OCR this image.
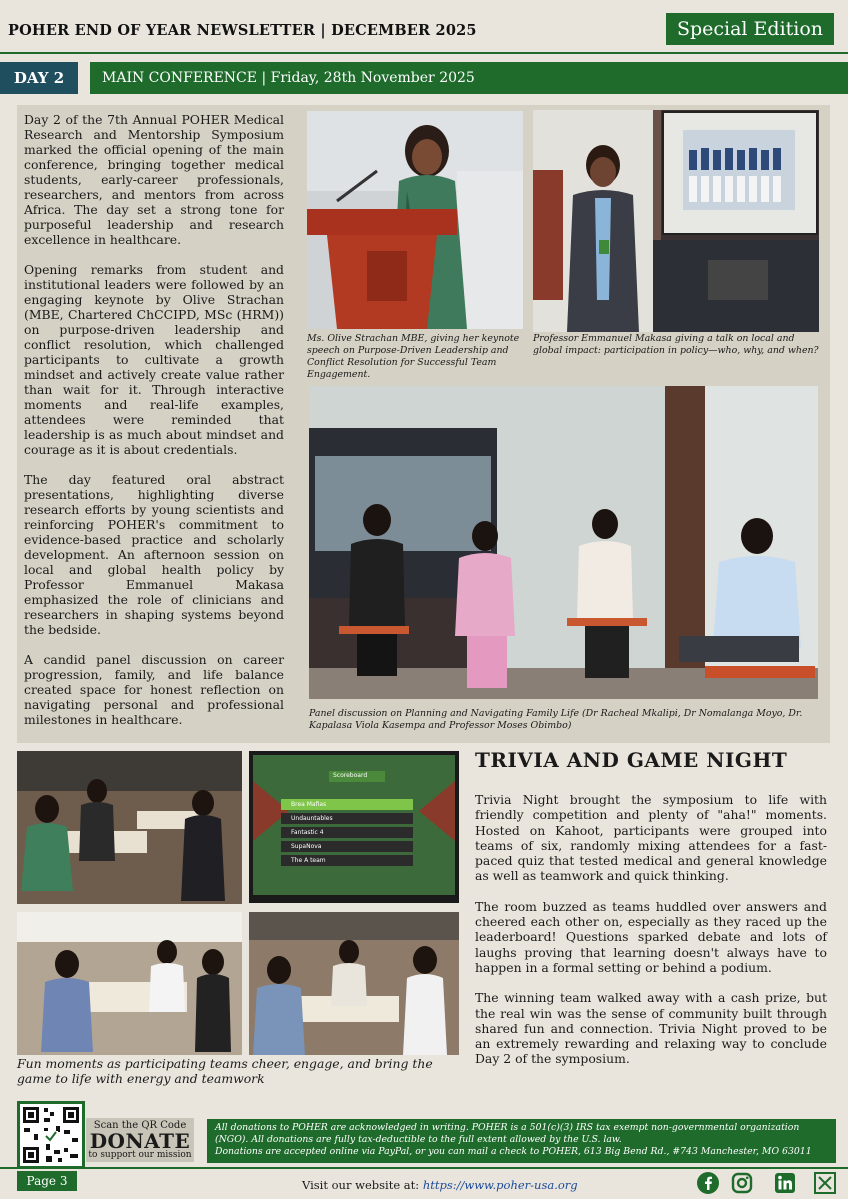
POHER END OF YEAR NEWSLETTER | DECEMBER 2025	Special Edition
DAY 2	MAIN CONFERENCE | Friday, 28th November 2025

Day 2 of the 7th Annual POHER Medical Research and Mentorship Symposium marked the official opening of the main conference, bringing together medical students, early-career professionals, researchers, and mentors from across Africa. The day set a strong tone for purposeful leadership and research excellence in healthcare.

Opening remarks from student and institutional leaders were followed by an engaging keynote by Olive Strachan (MBE, Chartered ChCCIPD, MSc (HRM)) on purpose-driven leadership and conflict resolution, which challenged participants to cultivate a growth mindset and actively create value rather than wait for it. Through interactive moments and real-life examples, attendees were reminded that leadership is as much about mindset and courage as it is about credentials.

The day featured oral abstract presentations, highlighting diverse research efforts by young scientists and reinforcing POHER's commitment to evidence-based practice and scholarly development. An afternoon session on local and global health policy by Professor Emmanuel Makasa emphasized the role of clinicians and researchers in shaping systems beyond the bedside.

A candid panel discussion on career progression, family, and life balance created space for honest reflection on navigating personal and professional milestones in healthcare.

Ms. Olive Strachan MBE, giving her keynote speech on Purpose-Driven Leadership and Conflict Resolution for Successful Team Engagement.
Professor Emmanuel Makasa giving a talk on local and global impact: participation in policy—who, why, and when?
Panel discussion on Planning and Navigating Family Life (Dr Racheal Mkalipi, Dr Nomalanga Moyo, Dr. Kapalasa Viola Kasempa and Professor Moses Obimbo)
Scoreboard
Brea Mafias
Undauntables
Fantastic 4
SupaNova
The A team
Fun moments as participating teams cheer, engage, and bring the game to life with energy and teamwork
TRIVIA AND GAME NIGHT

Trivia Night brought the symposium to life with friendly competition and plenty of "aha!" moments. Hosted on Kahoot, participants were grouped into teams of six, randomly mixing attendees for a fast-paced quiz that tested medical and general knowledge as well as teamwork and quick thinking.

The room buzzed as teams huddled over answers and cheered each other on, especially as they raced up the leaderboard! Questions sparked debate and lots of laughs proving that learning doesn't always have to happen in a formal setting or behind a podium.

The winning team walked away with a cash prize, but the real win was the sense of community built through shared fun and connection. Trivia Night proved to be an extremely rewarding and relaxing way to conclude Day 2 of the symposium.

Scan the QR Code
DONATE
to support our mission
All donations to POHER are acknowledged in writing. POHER is a 501(c)(3) IRS tax exempt non-governmental organization (NGO). All donations are fully tax-deductible to the full extent allowed by the U.S. law.
Donations are accepted online via PayPal, or you can mail a check to POHER, 613 Big Bend Rd., #743 Manchester, MO 63011
Page 3	Visit our website at: https://www.poher-usa.org
